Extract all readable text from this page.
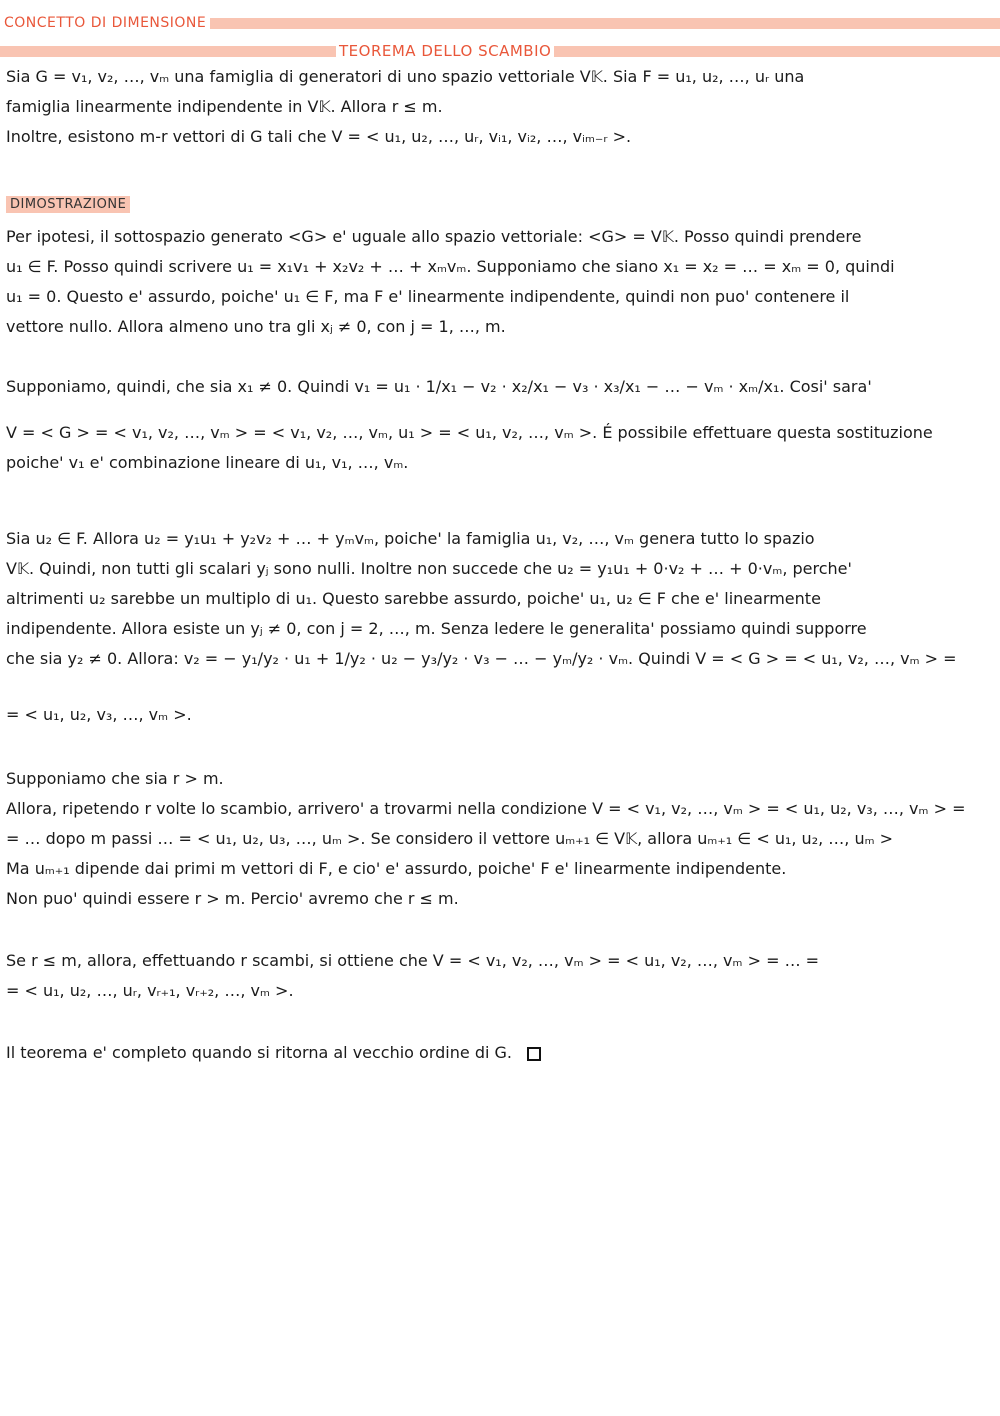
CONCETTO DI DIMENSIONE
TEOREMA DELLO SCAMBIO
Sia G = v₁, v₂, …, vₘ una famiglia di generatori di uno spazio vettoriale V𝕂. Sia F = u₁, u₂, …, uᵣ una
famiglia linearmente indipendente in V𝕂. Allora r ≤ m.
Inoltre, esistono m-r vettori di G tali che V = < u₁, u₂, …, uᵣ, vᵢ₁, vᵢ₂, …, vᵢₘ₋ᵣ >.
DIMOSTRAZIONE
Per ipotesi, il sottospazio generato <G> e' uguale allo spazio vettoriale: <G> = V𝕂. Posso quindi prendere
u₁ ∈ F. Posso quindi scrivere u₁ = x₁v₁ + x₂v₂ + … + xₘvₘ. Supponiamo che siano x₁ = x₂ = … = xₘ = 0, quindi
u₁ = 0. Questo e' assurdo, poiche' u₁ ∈ F, ma F e' linearmente indipendente, quindi non puo' contenere il
vettore nullo. Allora almeno uno tra gli xⱼ ≠ 0, con j = 1, …, m.
Supponiamo, quindi, che sia x₁ ≠ 0. Quindi v₁ = u₁ · 1/x₁ − v₂ · x₂/x₁ − v₃ · x₃/x₁ − … − vₘ · xₘ/x₁. Cosi' sara'
V = < G > = < v₁, v₂, …, vₘ > = < v₁, v₂, …, vₘ, u₁ > = < u₁, v₂, …, vₘ >. É possibile effettuare questa sostituzione
poiche' v₁ e' combinazione lineare di u₁, v₁, …, vₘ.
Sia u₂ ∈ F. Allora u₂ = y₁u₁ + y₂v₂ + … + yₘvₘ, poiche' la famiglia u₁, v₂, …, vₘ genera tutto lo spazio
V𝕂. Quindi, non tutti gli scalari yⱼ sono nulli. Inoltre non succede che u₂ = y₁u₁ + 0·v₂ + … + 0·vₘ, perche'
altrimenti u₂ sarebbe un multiplo di u₁. Questo sarebbe assurdo, poiche' u₁, u₂ ∈ F che e' linearmente
indipendente. Allora esiste un yⱼ ≠ 0, con j = 2, …, m. Senza ledere le generalita' possiamo quindi supporre
che sia y₂ ≠ 0. Allora: v₂ = − y₁/y₂ · u₁ + 1/y₂ · u₂ − y₃/y₂ · v₃ − … − yₘ/y₂ · vₘ. Quindi V = < G > = < u₁, v₂, …, vₘ > =
= < u₁, u₂, v₃, …, vₘ >.
Supponiamo che sia r > m.
Allora, ripetendo r volte lo scambio, arrivero' a trovarmi nella condizione V = < v₁, v₂, …, vₘ > = < u₁, u₂, v₃, …, vₘ > =
= … dopo m passi … = < u₁, u₂, u₃, …, uₘ >. Se considero il vettore uₘ₊₁ ∈ V𝕂, allora uₘ₊₁ ∈ < u₁, u₂, …, uₘ >
Ma uₘ₊₁ dipende dai primi m vettori di F, e cio' e' assurdo, poiche' F e' linearmente indipendente.
Non puo' quindi essere r > m. Percio' avremo che r ≤ m.
Se r ≤ m, allora, effettuando r scambi, si ottiene che V = < v₁, v₂, …, vₘ > = < u₁, v₂, …, vₘ > = … =
= < u₁, u₂, …, uᵣ, vᵣ₊₁, vᵣ₊₂, …, vₘ >.
Il teorema e' completo quando si ritorna al vecchio ordine di G.
